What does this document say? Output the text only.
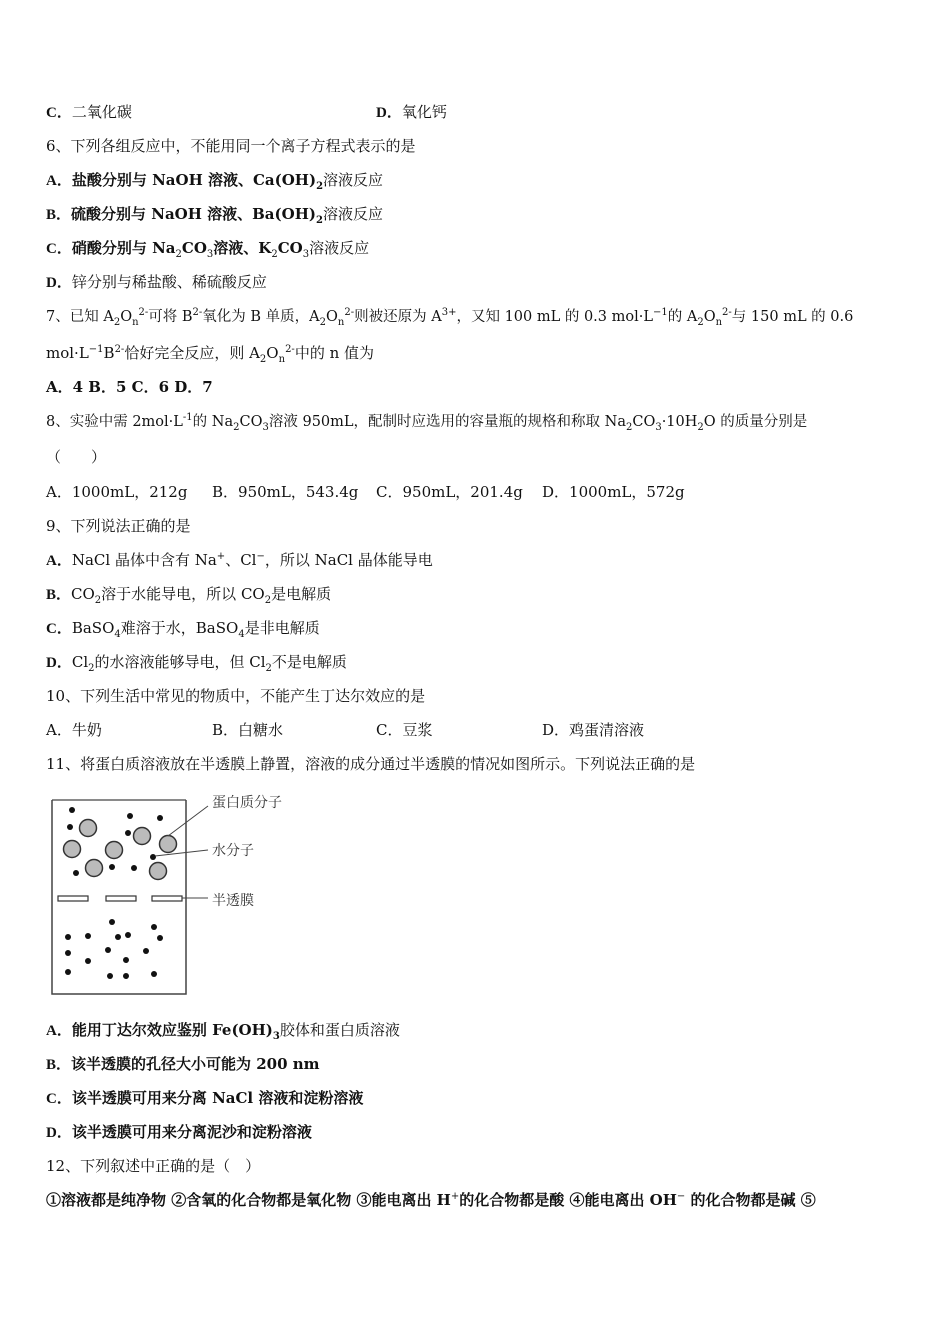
C．二氧化碳	D．氧化钙
6、下列各组反应中，不能用同一个离子方程式表示的是
A．盐酸分别与 NaOH 溶液、$Ca(OH)_2$溶液反应
B．硫酸分别与 NaOH 溶液、$Ba(OH)_2$溶液反应
C．硝酸分别与 $Na_2CO_3$溶液、$K_2CO_3$溶液反应
D．锌分别与稀盐酸、稀硫酸反应
7、已知 $A_2O_n^{2-}$可将 $B^{2-}$氧化为 B 单质，$A_2O_n^{2-}$则被还原为 $A^{3+}$，又知 100 mL 的 0.3 $mol\cdot L^{-1}$的 $A_2O_n^{2-}$与 150 mL 的 0.6
$mol\cdot L^{-1}B^{2-}$恰好完全反应，则 $A_2O_n^{2-}$中的 n 值为
A．4 B．5 C．6 D．7
8、实验中需 $2mol\cdot L^{-1}$的 $Na_2CO_3$溶液 950mL，配制时应选用的容量瓶的规格和称取 $Na_2CO_3\cdot 10H_2O$ 的质量分别是
（　　）
A．1000mL，212g B．950mL，543.4g C．950mL，201.4g D．1000mL，572g
9、下列说法正确的是
A．NaCl 晶体中含有 Na+、Cl−，所以 NaCl 晶体能导电
B．$CO_2$溶于水能导电，所以 $CO_2$是电解质
C．BaSO$_4$难溶于水，BaSO$_4$是非电解质
D．$Cl_2$的水溶液能够导电，但 $Cl_2$不是电解质
10、下列生活中常见的物质中，不能产生丁达尔效应的是
A．牛奶	B．白糖水	C．豆浆	D．鸡蛋清溶液
11、将蛋白质溶液放在半透膜上静置，溶液的成分通过半透膜的情况如图所示。下列说法正确的是
蛋白质分子
水分子
半透膜
A．能用丁达尔效应鉴别 $Fe(OH)_3$胶体和蛋白质溶液
B．该半透膜的孔径大小可能为 200 nm
C．该半透膜可用来分离 NaCl 溶液和淀粉溶液
D．该半透膜可用来分离泥沙和淀粉溶液
12、下列叙述中正确的是（　）
①溶液都是纯净物 ②含氧的化合物都是氧化物 ③能电离出 H+的化合物都是酸 ④能电离出 OH− 的化合物都是碱 ⑤
